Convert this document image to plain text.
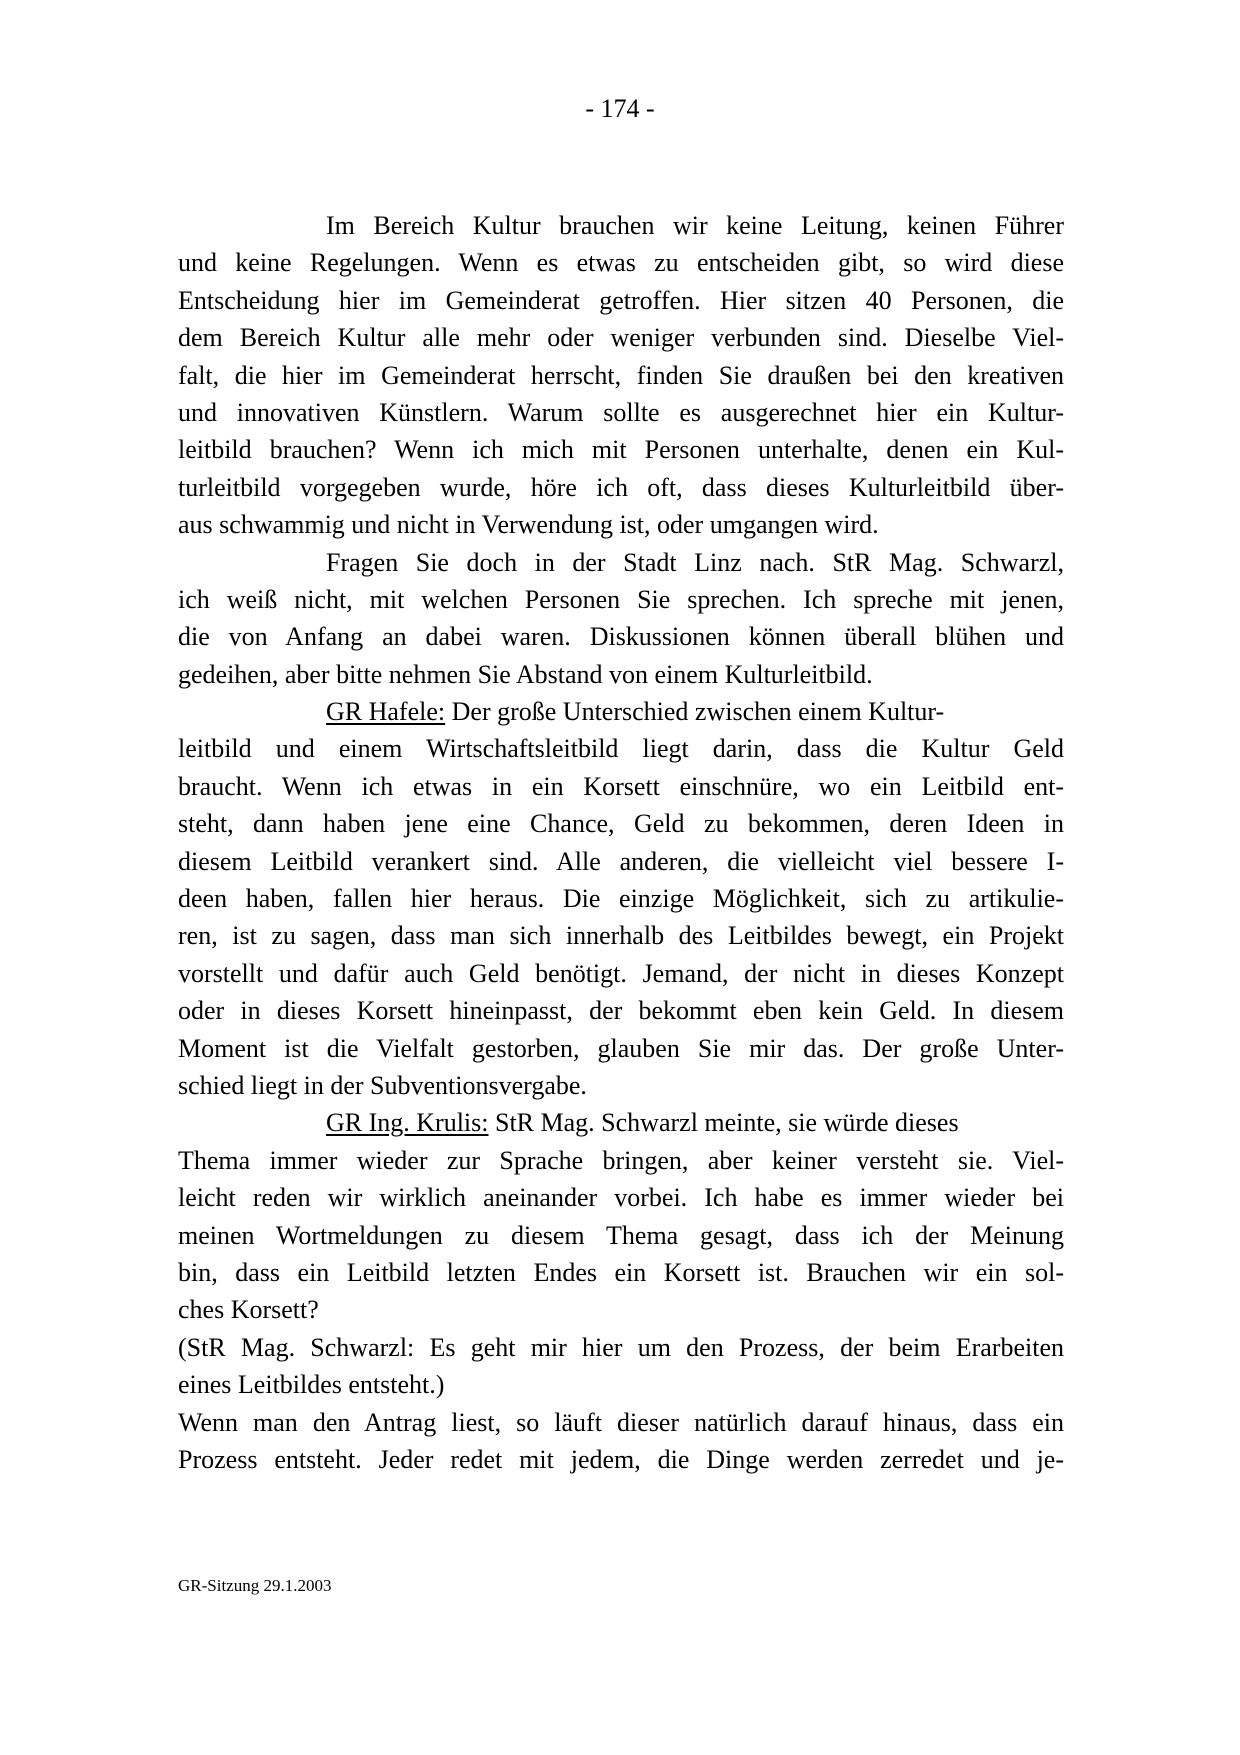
- 174 -
Im Bereich Kultur brauchen wir keine Leitung, keinen Führer
und keine Regelungen. Wenn es etwas zu entscheiden gibt, so wird diese
Entscheidung hier im Gemeinderat getroffen. Hier sitzen 40 Personen, die
dem Bereich Kultur alle mehr oder weniger verbunden sind. Dieselbe Viel-
falt, die hier im Gemeinderat herrscht, finden Sie draußen bei den kreativen
und innovativen Künstlern. Warum sollte es ausgerechnet hier ein Kultur-
leitbild brauchen? Wenn ich mich mit Personen unterhalte, denen ein Kul-
turleitbild vorgegeben wurde, höre ich oft, dass dieses Kulturleitbild über-
aus schwammig und nicht in Verwendung ist, oder umgangen wird.
Fragen Sie doch in der Stadt Linz nach. StR Mag. Schwarzl,
ich weiß nicht, mit welchen Personen Sie sprechen. Ich spreche mit jenen,
die von Anfang an dabei waren. Diskussionen können überall blühen und
gedeihen, aber bitte nehmen Sie Abstand von einem Kulturleitbild.
GR Hafele: Der große Unterschied zwischen einem Kultur-
leitbild und einem Wirtschaftsleitbild liegt darin, dass die Kultur Geld
braucht. Wenn ich etwas in ein Korsett einschnüre, wo ein Leitbild ent-
steht, dann haben jene eine Chance, Geld zu bekommen, deren Ideen in
diesem Leitbild verankert sind. Alle anderen, die vielleicht viel bessere I-
deen haben, fallen hier heraus. Die einzige Möglichkeit, sich zu artikulie-
ren, ist zu sagen, dass man sich innerhalb des Leitbildes bewegt, ein Projekt
vorstellt und dafür auch Geld benötigt. Jemand, der nicht in dieses Konzept
oder in dieses Korsett hineinpasst, der bekommt eben kein Geld. In diesem
Moment ist die Vielfalt gestorben, glauben Sie mir das. Der große Unter-
schied liegt in der Subventionsvergabe.
GR Ing. Krulis: StR Mag. Schwarzl meinte, sie würde dieses
Thema immer wieder zur Sprache bringen, aber keiner versteht sie. Viel-
leicht reden wir wirklich aneinander vorbei. Ich habe es immer wieder bei
meinen Wortmeldungen zu diesem Thema gesagt, dass ich der Meinung
bin, dass ein Leitbild letzten Endes ein Korsett ist. Brauchen wir ein sol-
ches Korsett?
(StR Mag. Schwarzl: Es geht mir hier um den Prozess, der beim Erarbeiten
eines Leitbildes entsteht.)
Wenn man den Antrag liest, so läuft dieser natürlich darauf hinaus, dass ein
Prozess entsteht. Jeder redet mit jedem, die Dinge werden zerredet und je-
GR-Sitzung 29.1.2003
